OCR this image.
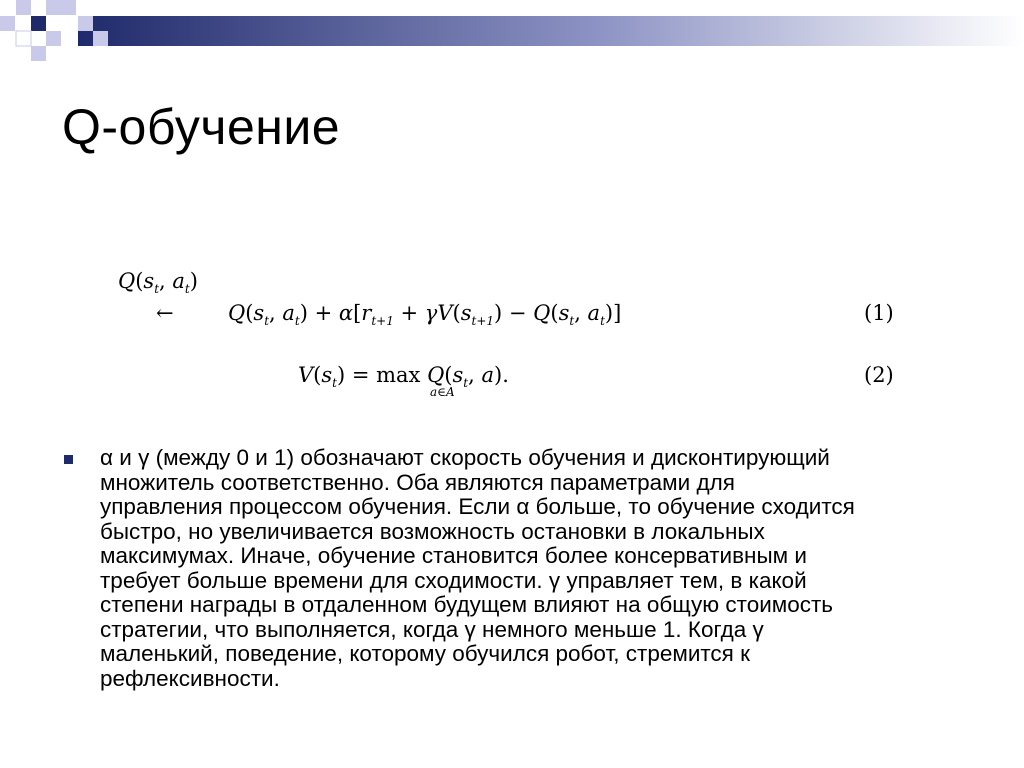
Q-обучение
$Q(s_t$, $a_t$)
←	$Q(s_t$, $a_t) + \alpha[r_{t+1} + \gamma V(s_{t+1}) - Q(s_t$, $a_t$)]	(1)
$V(s_t) = \max Q(s_t$, a).
a∈A
(2)
α и γ (между 0 и 1) обозначают скорость обучения и дисконтирующий
множитель соответственно. Оба являются параметрами для
управления процессом обучения. Если α больше, то обучение сходится
быстро, но увеличивается возможность остановки в локальных
максимумах. Иначе, обучение становится более консервативным и
требует больше времени для сходимости. γ управляет тем, в какой
степени награды в отдаленном будущем влияют на общую стоимость
стратегии, что выполняется, когда γ немного меньше 1. Когда γ
маленький, поведение, которому обучился робот, стремится к
рефлексивности.
